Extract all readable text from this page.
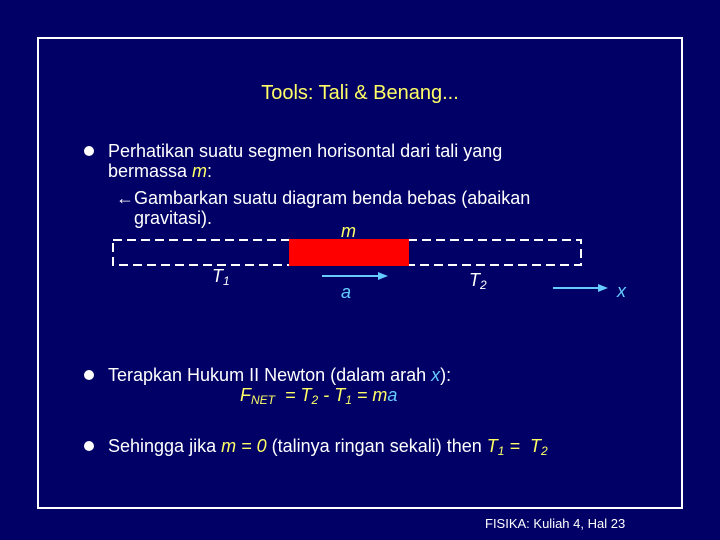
Tools: Tali & Benang...
Perhatikan suatu segmen horisontal dari tali yang
bermassa m:
←Gambarkan suatu diagram benda bebas (abaikan
gravitasi).
m
$T_1$	$T_2$
a	x
Terapkan Hukum II Newton (dalam arah x):
$F_{NET} = T_2 - T_1$ = ma
Sehingga jika m = 0 (talinya ringan sekali) then $T_1 = T_2$
FISIKA: Kuliah 4, Hal 23
